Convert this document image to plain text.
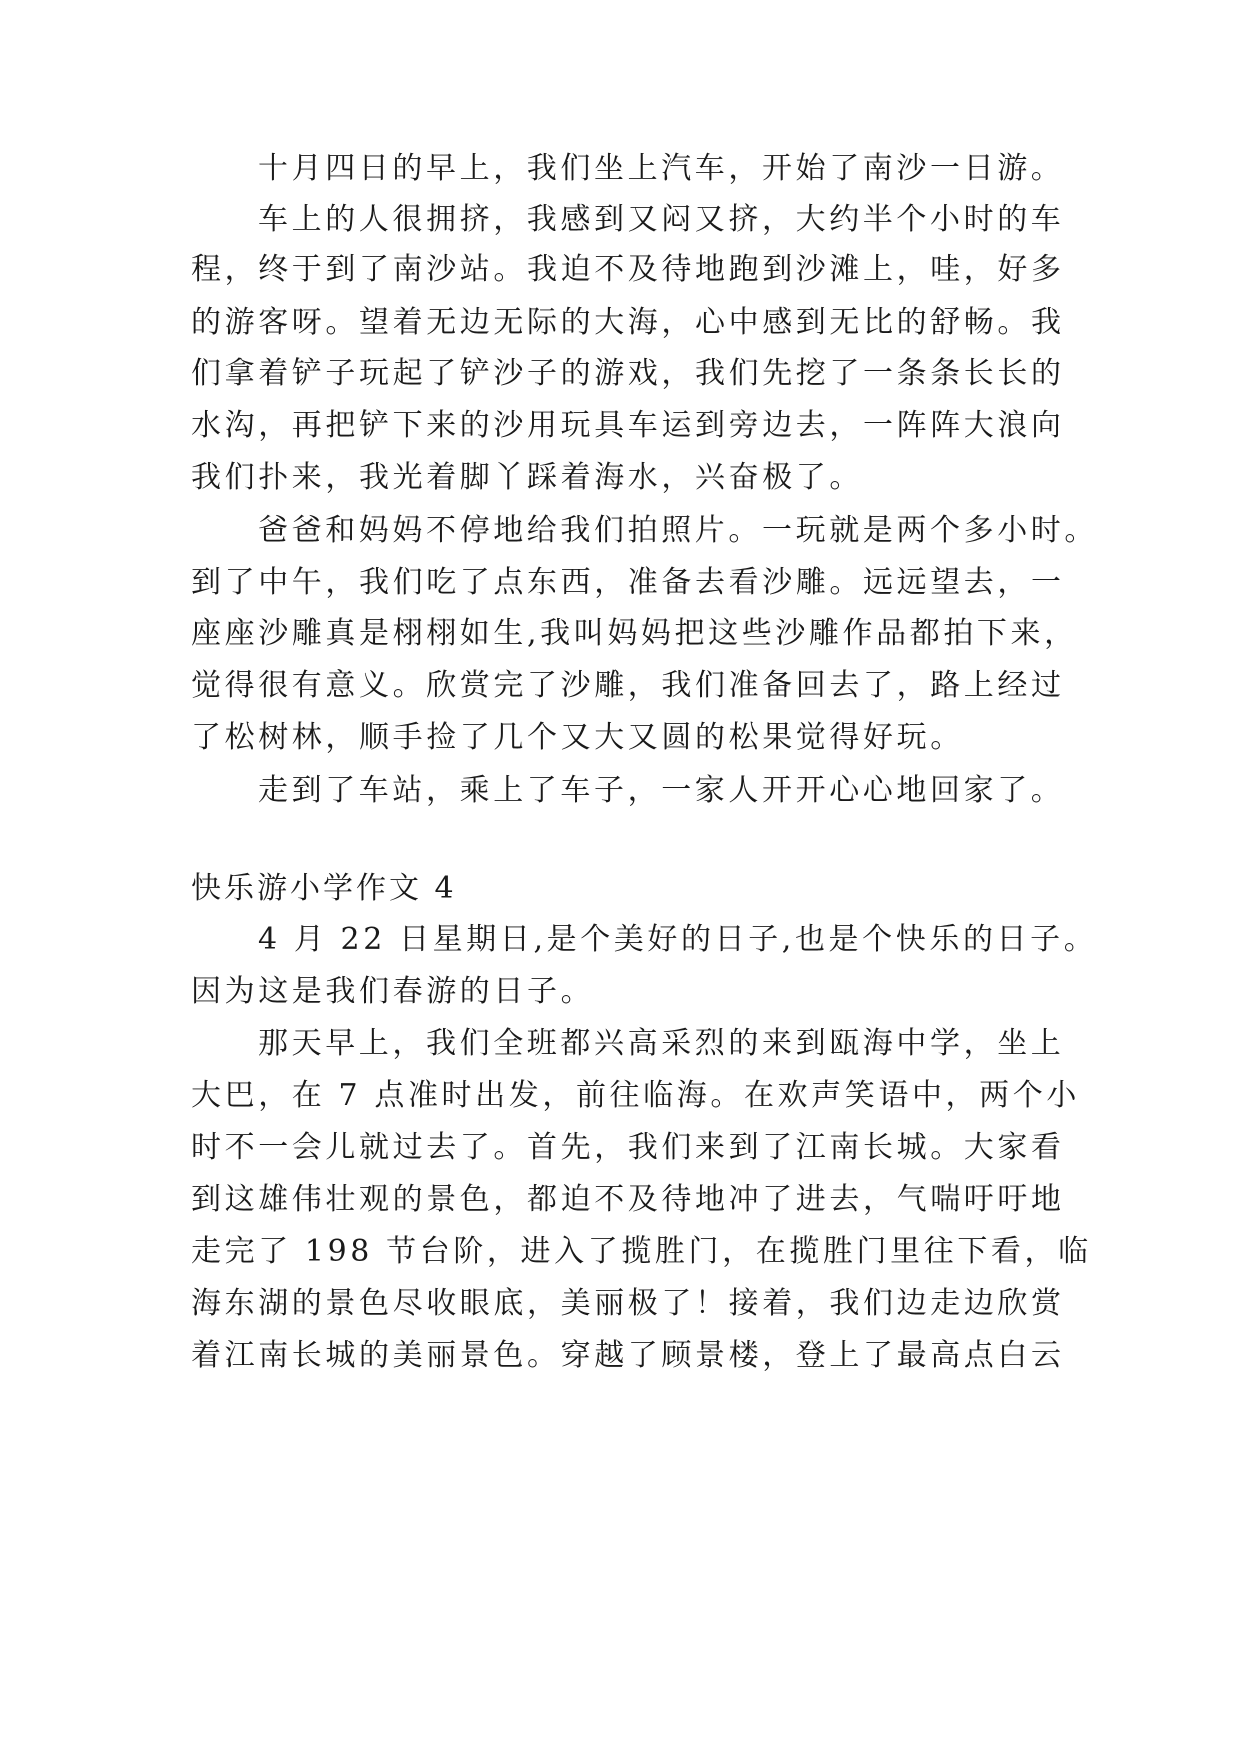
十月四日的早上，我们坐上汽车，开始了南沙一日游。

车上的人很拥挤，我感到又闷又挤，大约半个小时的车

程，终于到了南沙站。我迫不及待地跑到沙滩上，哇，好多

的游客呀。望着无边无际的大海，心中感到无比的舒畅。我

们拿着铲子玩起了铲沙子的游戏，我们先挖了一条条长长的

水沟，再把铲下来的沙用玩具车运到旁边去，一阵阵大浪向

我们扑来，我光着脚丫踩着海水，兴奋极了。

爸爸和妈妈不停地给我们拍照片。一玩就是两个多小时。

到了中午，我们吃了点东西，准备去看沙雕。远远望去，一

座座沙雕真是栩栩如生,我叫妈妈把这些沙雕作品都拍下来，

觉得很有意义。欣赏完了沙雕，我们准备回去了，路上经过

了松树林，顺手捡了几个又大又圆的松果觉得好玩。

走到了车站，乘上了车子，一家人开开心心地回家了。

快乐游小学作文 4

4 月 22 日星期日,是个美好的日子,也是个快乐的日子。

因为这是我们春游的日子。

那天早上，我们全班都兴高采烈的来到瓯海中学，坐上

大巴，在 7 点准时出发，前往临海。在欢声笑语中，两个小

时不一会儿就过去了。首先，我们来到了江南长城。大家看

到这雄伟壮观的景色，都迫不及待地冲了进去，气喘吁吁地

走完了 198 节台阶，进入了揽胜门，在揽胜门里往下看，临

海东湖的景色尽收眼底，美丽极了！接着，我们边走边欣赏

着江南长城的美丽景色。穿越了顾景楼，登上了最高点白云
